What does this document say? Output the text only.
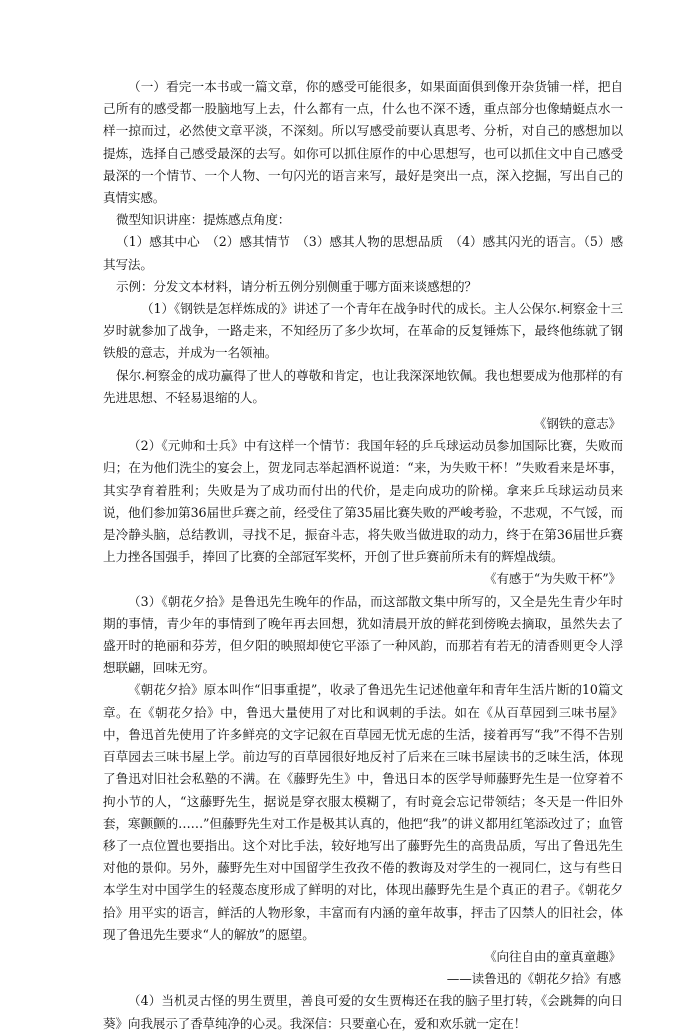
（一）看完一本书或一篇文章，你的感受可能很多，如果面面俱到像开杂货铺一样，把自己所有的感受都一股脑地写上去，什么都有一点，什么也不深不透，重点部分也像蜻蜓点水一样一掠而过，必然使文章平淡，不深刻。所以写感受前要认真思考、分析，对自己的感想加以提炼，选择自己感受最深的去写。如你可以抓住原作的中心思想写，也可以抓住文中自己感受最深的一个情节、一个人物、一句闪光的语言来写，最好是突出一点，深入挖掘，写出自己的真情实感。

微型知识讲座：提炼感点角度：

（1）感其中心　（2）感其情节　（3）感其人物的思想品质　（4）感其闪光的语言。（5）感其写法。

示例：分发文本材料，请分析五例分别侧重于哪方面来谈感想的？

（1）《钢铁是怎样炼成的》讲述了一个青年在战争时代的成长。主人公保尔.柯察金十三岁时就参加了战争，一路走来，不知经历了多少坎坷，在革命的反复锤炼下，最终他练就了钢铁般的意志，并成为一名领袖。

保尔.柯察金的成功赢得了世人的尊敬和肯定，也让我深深地钦佩。我也想要成为他那样的有先进思想、不轻易退缩的人。

《钢铁的意志》

（2）《元帅和士兵》中有这样一个情节：我国年轻的乒乓球运动员参加国际比赛，失败而归；在为他们洗尘的宴会上，贺龙同志举起酒杯说道：“来，为失败干杯！”失败看来是坏事，其实孕育着胜利；失败是为了成功而付出的代价，是走向成功的阶梯。拿来乒乓球运动员来说，他们参加第36届世乒赛之前，经受住了第35届比赛失败的严峻考验，不悲观，不气馁，而是冷静头脑，总结教训，寻找不足，振奋斗志，将失败当做进取的动力，终于在第36届世乒赛上力挫各国强手，捧回了比赛的全部冠军奖杯，开创了世乒赛前所未有的辉煌战绩。

《有感于“为失败干杯”》

（3）《朝花夕拾》是鲁迅先生晚年的作品，而这部散文集中所写的，又全是先生青少年时期的事情，青少年的事情到了晚年再去回想，犹如清晨开放的鲜花到傍晚去摘取，虽然失去了盛开时的艳丽和芬芳，但夕阳的映照却使它平添了一种风韵，而那若有若无的清香则更令人浮想联翩，回味无穷。

《朝花夕拾》原本叫作“旧事重提”，收录了鲁迅先生记述他童年和青年生活片断的10篇文章。在《朝花夕拾》中，鲁迅大量使用了对比和讽刺的手法。如在《从百草园到三味书屋》中，鲁迅首先使用了许多鲜亮的文字记叙在百草园无忧无虑的生活，接着再写“我”不得不告别百草园去三味书屋上学。前边写的百草园很好地反衬了后来在三味书屋读书的乏味生活，体现了鲁迅对旧社会私塾的不满。在《藤野先生》中，鲁迅日本的医学导师藤野先生是一位穿着不拘小节的人，“这藤野先生，据说是穿衣服太模糊了，有时竟会忘记带领结；冬天是一件旧外套，寒颤颤的……”但藤野先生对工作是极其认真的，他把“我”的讲义都用红笔添改过了；血管移了一点位置也要指出。这个对比手法，较好地写出了藤野先生的高贵品质，写出了鲁迅先生对他的景仰。另外，藤野先生对中国留学生孜孜不倦的教诲及对学生的一视同仁，这与有些日本学生对中国学生的轻蔑态度形成了鲜明的对比，体现出藤野先生是个真正的君子。《朝花夕拾》用平实的语言，鲜活的人物形象，丰富而有内涵的童年故事，抨击了囚禁人的旧社会，体现了鲁迅先生要求“人的解放”的愿望。

《向往自由的童真童趣》

——读鲁迅的《朝花夕拾》有感

（4）当机灵古怪的男生贾里，善良可爱的女生贾梅还在我的脑子里打转，《会跳舞的向日葵》向我展示了香草纯净的心灵。我深信：只要童心在，爱和欢乐就一定在！
